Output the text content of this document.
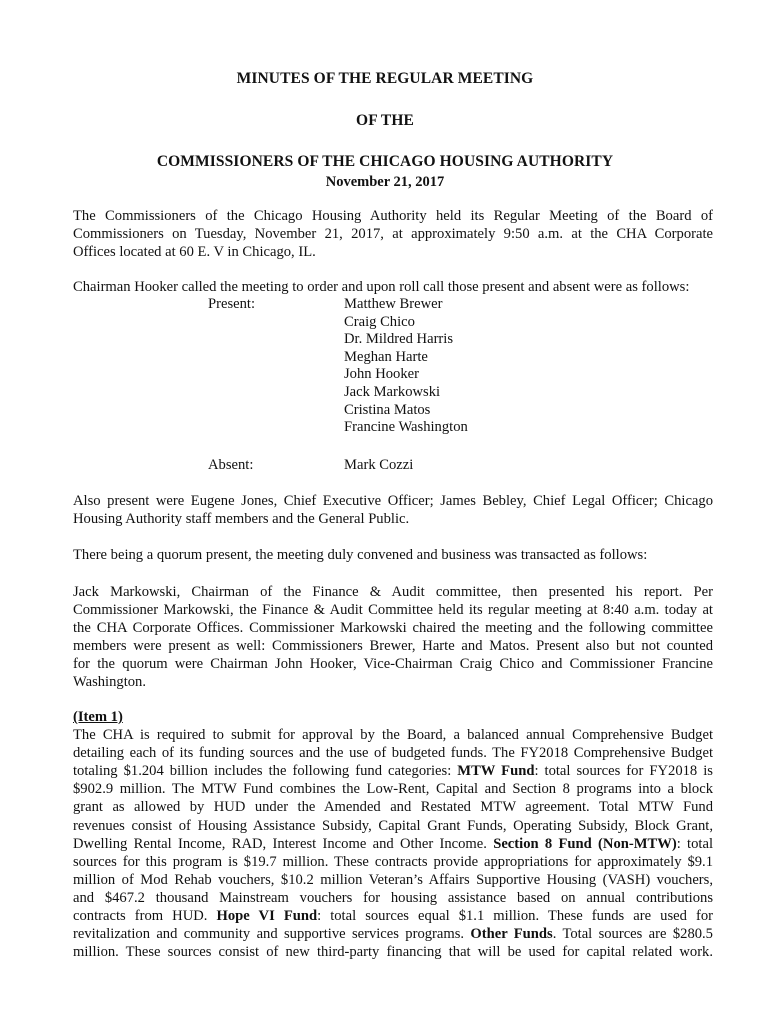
MINUTES OF THE REGULAR MEETING
OF THE
COMMISSIONERS OF THE CHICAGO HOUSING AUTHORITY
November 21, 2017
The Commissioners of the Chicago Housing Authority held its Regular Meeting of the Board of
Commissioners on Tuesday, November 21, 2017, at approximately 9:50 a.m. at the CHA Corporate
Offices located at 60 E. V in Chicago, IL.
Chairman Hooker called the meeting to order and upon roll call those present and absent were as follows:
Present:	Matthew Brewer
Craig Chico
Dr. Mildred Harris
Meghan Harte
John Hooker
Jack Markowski
Cristina Matos
Francine Washington
Absent:	Mark Cozzi
Also present were Eugene Jones, Chief Executive Officer; James Bebley, Chief Legal Officer; Chicago
Housing Authority staff members and the General Public.
There being a quorum present, the meeting duly convened and business was transacted as follows:
Jack Markowski, Chairman of the Finance & Audit committee, then presented his report. Per
Commissioner Markowski, the Finance & Audit Committee held its regular meeting at 8:40 a.m. today at
the CHA Corporate Offices. Commissioner Markowski chaired the meeting and the following committee
members were present as well: Commissioners Brewer, Harte and Matos. Present also but not counted
for the quorum were Chairman John Hooker, Vice-Chairman Craig Chico and Commissioner Francine
Washington.
(Item 1)
The CHA is required to submit for approval by the Board, a balanced annual Comprehensive Budget
detailing each of its funding sources and the use of budgeted funds. The FY2018 Comprehensive Budget
totaling $1.204 billion includes the following fund categories: MTW Fund: total sources for FY2018 is
$902.9 million. The MTW Fund combines the Low-Rent, Capital and Section 8 programs into a block
grant as allowed by HUD under the Amended and Restated MTW agreement. Total MTW Fund
revenues consist of Housing Assistance Subsidy, Capital Grant Funds, Operating Subsidy, Block Grant,
Dwelling Rental Income, RAD, Interest Income and Other Income. Section 8 Fund (Non-MTW): total
sources for this program is $19.7 million. These contracts provide appropriations for approximately $9.1
million of Mod Rehab vouchers, $10.2 million Veteran’s Affairs Supportive Housing (VASH) vouchers,
and $467.2 thousand Mainstream vouchers for housing assistance based on annual contributions
contracts from HUD. Hope VI Fund: total sources equal $1.1 million. These funds are used for
revitalization and community and supportive services programs. Other Funds. Total sources are $280.5
million. These sources consist of new third-party financing that will be used for capital related work.
